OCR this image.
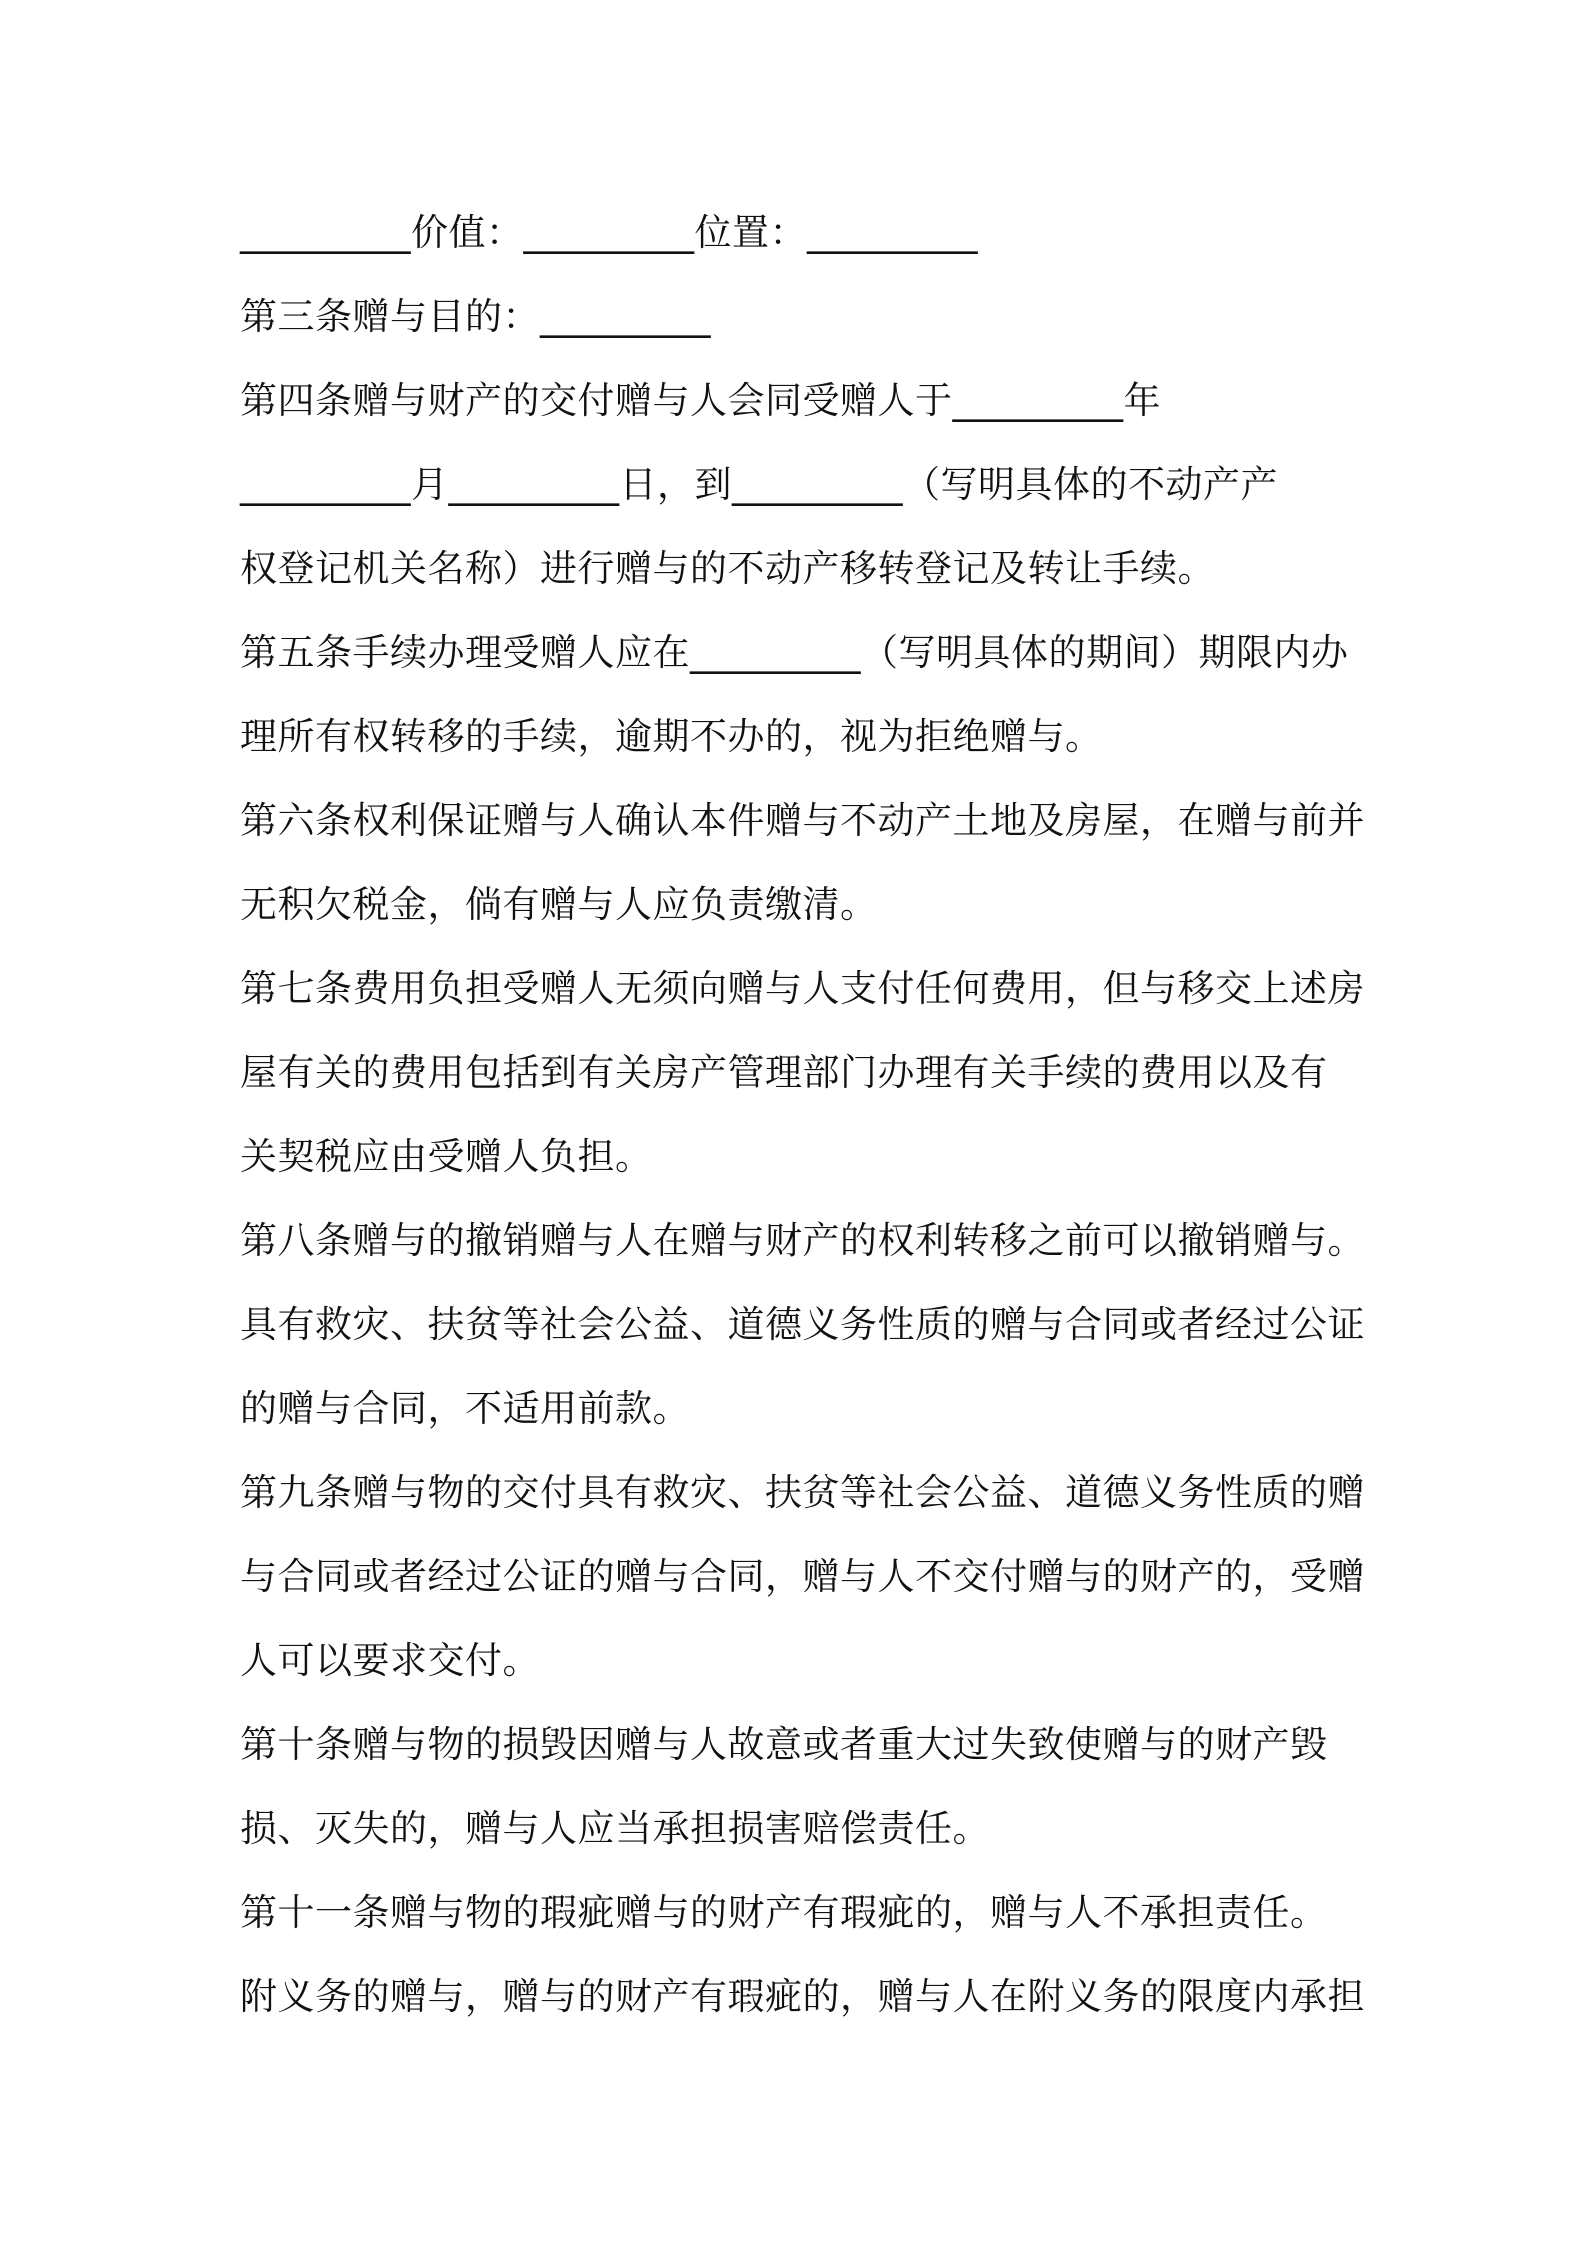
_________价值：_________位置：_________
第三条赠与目的：_________
第四条赠与财产的交付赠与人会同受赠人于_________年
_________月_________日，到_________（写明具体的不动产产
权登记机关名称）进行赠与的不动产移转登记及转让手续。
第五条手续办理受赠人应在_________（写明具体的期间）期限内办
理所有权转移的手续，逾期不办的，视为拒绝赠与。
第六条权利保证赠与人确认本件赠与不动产土地及房屋，在赠与前并
无积欠税金，倘有赠与人应负责缴清。
第七条费用负担受赠人无须向赠与人支付任何费用，但与移交上述房
屋有关的费用包括到有关房产管理部门办理有关手续的费用以及有
关契税应由受赠人负担。
第八条赠与的撤销赠与人在赠与财产的权利转移之前可以撤销赠与。
具有救灾、扶贫等社会公益、道德义务性质的赠与合同或者经过公证
的赠与合同，不适用前款。
第九条赠与物的交付具有救灾、扶贫等社会公益、道德义务性质的赠
与合同或者经过公证的赠与合同，赠与人不交付赠与的财产的，受赠
人可以要求交付。
第十条赠与物的损毁因赠与人故意或者重大过失致使赠与的财产毁
损、灭失的，赠与人应当承担损害赔偿责任。
第十一条赠与物的瑕疵赠与的财产有瑕疵的，赠与人不承担责任。
附义务的赠与，赠与的财产有瑕疵的，赠与人在附义务的限度内承担
